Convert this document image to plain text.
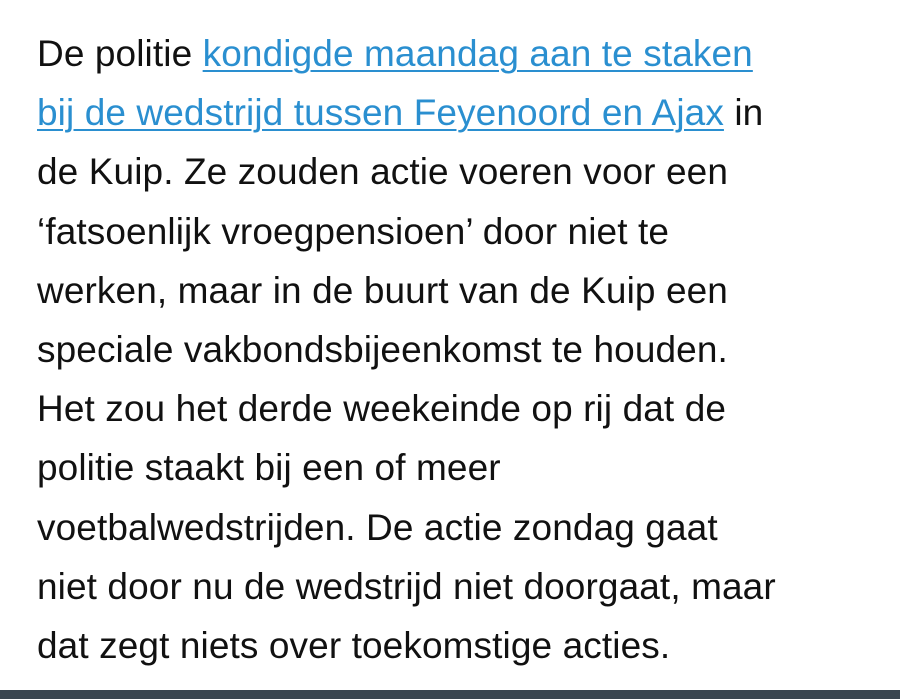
De politie kondigde maandag aan te staken
bij de wedstrijd tussen Feyenoord en Ajax in
de Kuip. Ze zouden actie voeren voor een
‘fatsoenlijk vroegpensioen’ door niet te
werken, maar in de buurt van de Kuip een
speciale vakbondsbijeenkomst te houden.
Het zou het derde weekeinde op rij dat de
politie staakt bij een of meer
voetbalwedstrijden. De actie zondag gaat
niet door nu de wedstrijd niet doorgaat, maar
dat zegt niets over toekomstige acties.
